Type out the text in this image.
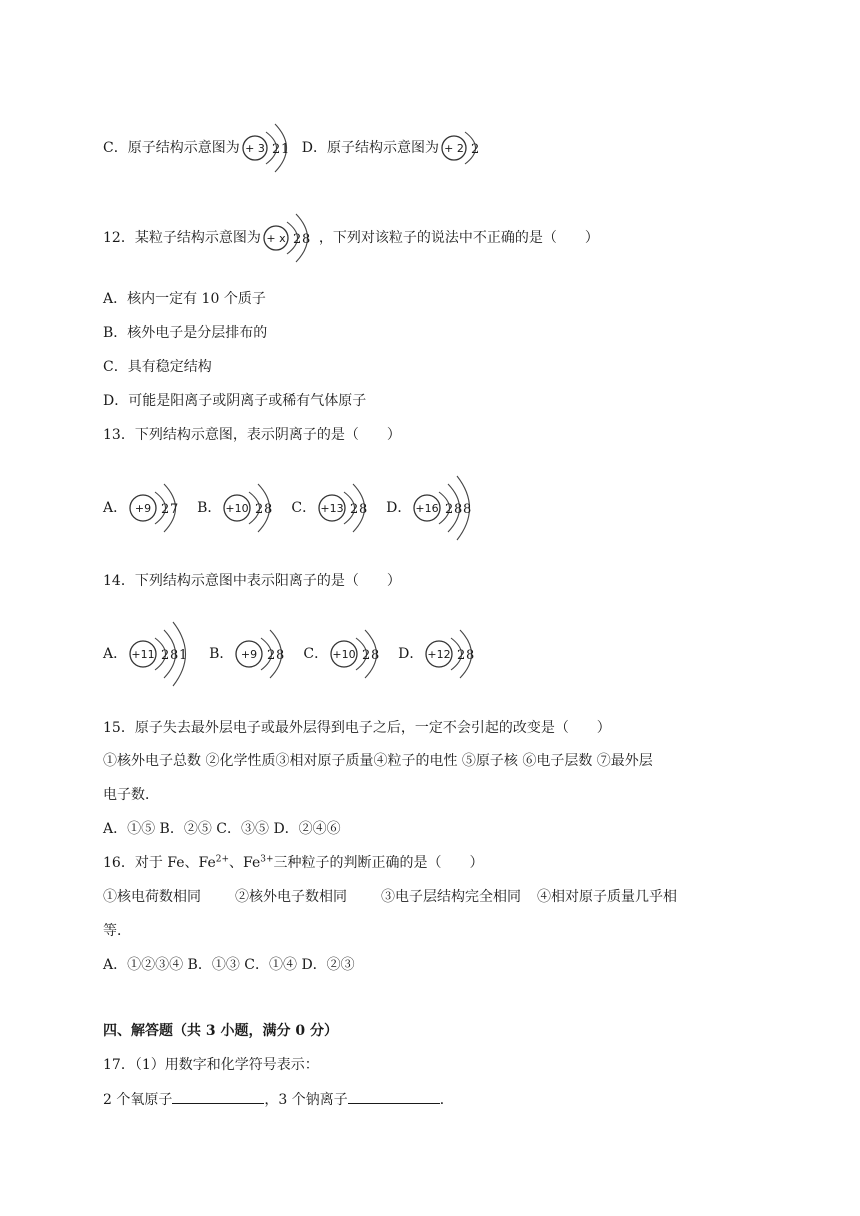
C．原子结构示意图为 + 3 2 1 D．原子结构示意图为 + 2 2
12．某粒子结构示意图为 + x 2 8 ，下列对该粒子的说法中不正确的是（　　）
A．核内一定有 10 个质子
B．核外电子是分层排布的
C．具有稳定结构
D．可能是阳离子或阴离子或稀有气体原子
13．下列结构示意图，表示阴离子的是（　　）
A． +9 2 7 B． +10 2 8 C． +13 2 8 D． +16 2 8 8
14．下列结构示意图中表示阳离子的是（　　）
A． +11 2 8 1 B． +9 2 8 C． +10 2 8 D． +12 2 8
15．原子失去最外层电子或最外层得到电子之后，一定不会引起的改变是（　　）
①核外电子总数 ②化学性质③相对原子质量④粒子的电性 ⑤原子核 ⑥电子层数 ⑦最外层
电子数．
A．①⑤ B．②⑤ C．③⑤ D．②④⑥
16．对于 Fe、$Fe^{2+}$、$Fe^{3+}$三种粒子的判断正确的是（　　）
①核电荷数相同 ②核外电子数相同 ③电子层结构完全相同 ④相对原子质量几乎相
等．
A．①②③④ B．①③ C．①④ D．②③
四、解答题（共 3 小题，满分 0 分）
17．（1）用数字和化学符号表示：
2 个氧原子	，3 个钠离子	．
